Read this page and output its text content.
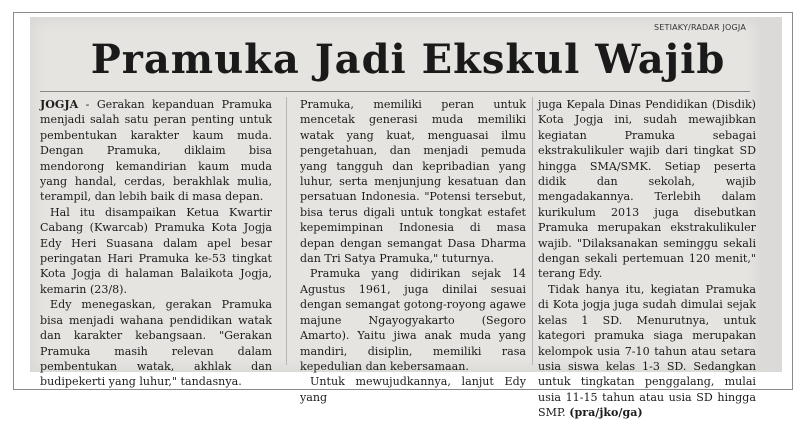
SETIAKY/RADAR JOGJA
Pramuka Jadi Ekskul Wajib

JOGJA - Gerakan kepanduan Pramuka menjadi salah satu peran penting untuk pembentukan karakter kaum muda. Dengan Pramuka, diklaim bisa mendorong kemandirian kaum muda yang handal, cerdas, berakhlak mulia, terampil, dan lebih baik di masa depan.

Hal itu disampaikan Ketua Kwartir Cabang (Kwarcab) Pramuka Kota Jogja Edy Heri Suasana dalam apel besar peringatan Hari Pramuka ke-53 tingkat Kota Jogja di halaman Balaikota Jogja, kemarin (23/8).

Edy menegaskan, gerakan Pramuka bisa menjadi wahana pendidikan watak dan karakter kebangsaan. "Gerakan Pramuka masih relevan dalam pembentukan watak, akhlak dan budipekerti yang luhur," tandasnya.

Pramuka, memiliki peran untuk mencetak generasi muda memiliki watak yang kuat, menguasai ilmu pengetahuan, dan menjadi pemuda yang tangguh dan kepribadian yang luhur, serta menjunjung kesatuan dan persatuan Indonesia. "Potensi tersebut, bisa terus digali untuk tongkat estafet kepemimpinan Indonesia di masa depan dengan semangat Dasa Dharma dan Tri Satya Pramuka," tuturnya.

Pramuka yang didirikan sejak 14 Agustus 1961, juga dinilai sesuai dengan semangat gotong-royong agawe majune Ngayogyakarto (Segoro Amarto). Yaitu jiwa anak muda yang mandiri, disiplin, memiliki rasa kepedulian dan kebersamaan.

Untuk mewujudkannya, lanjut Edy yang

juga Kepala Dinas Pendidikan (Disdik) Kota Jogja ini, sudah mewajibkan kegiatan Pramuka sebagai ekstrakulikuler wajib dari tingkat SD hingga SMA/SMK. Setiap peserta didik dan sekolah, wajib mengadakannya. Terlebih dalam kurikulum 2013 juga disebutkan Pramuka merupakan ekstrakulikuler wajib. "Dilaksanakan seminggu sekali dengan sekali pertemuan 120 menit," terang Edy.

Tidak hanya itu, kegiatan Pramuka di Kota jogja juga sudah dimulai sejak kelas 1 SD. Menurutnya, untuk kategori pramuka siaga merupakan kelompok usia 7-10 tahun atau setara usia siswa kelas 1-3 SD. Sedangkan untuk tingkatan penggalang, mulai usia 11-15 tahun atau usia SD hingga SMP. (pra/jko/ga)
